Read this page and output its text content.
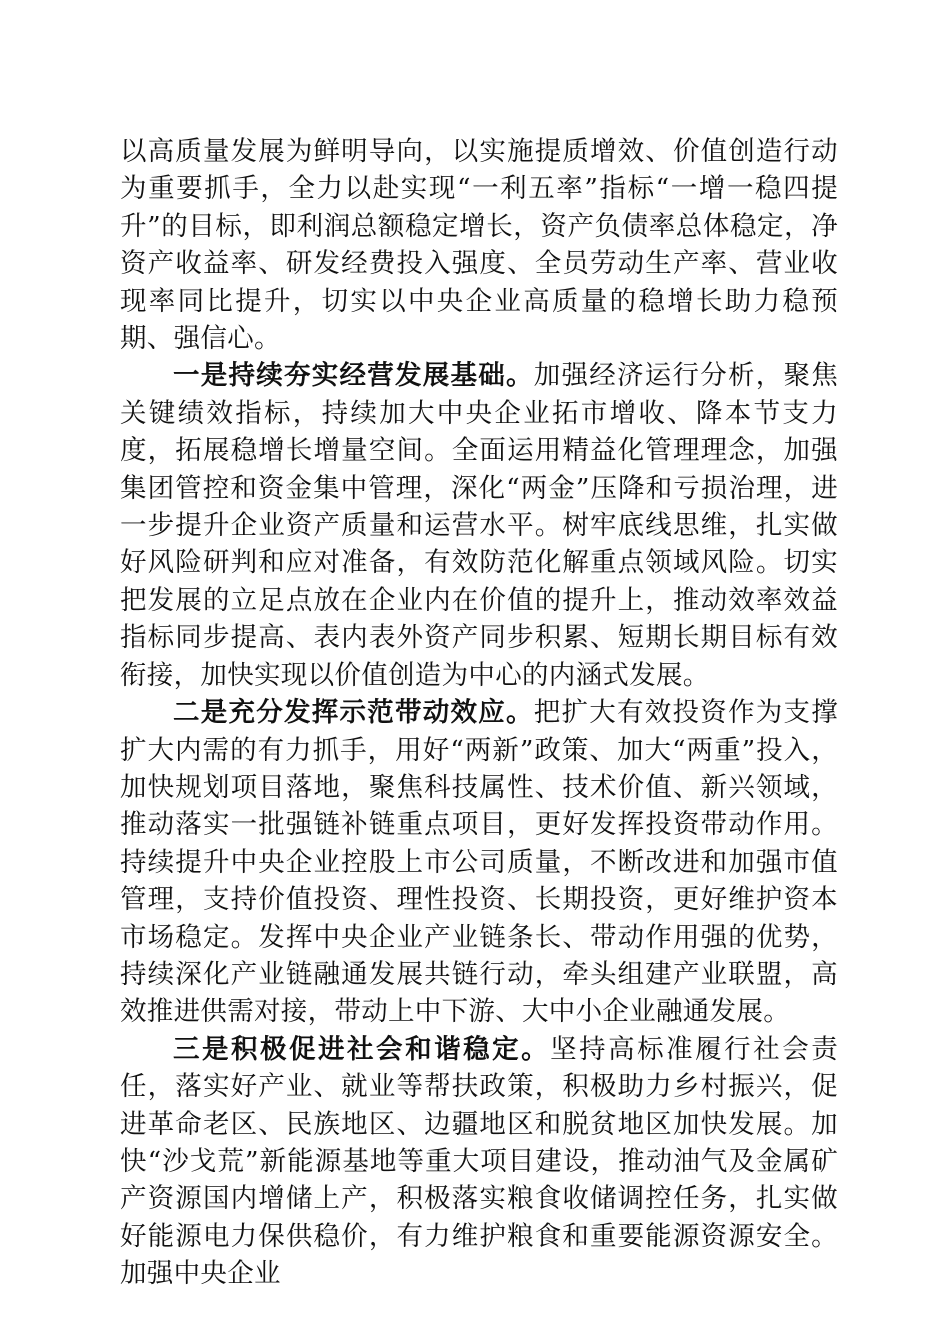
以高质量发展为鲜明导向，以实施提质增效、价值创造行动为重要抓手，全力以赴实现“一利五率”指标“一增一稳四提升”的目标，即利润总额稳定增长，资产负债率总体稳定，净资产收益率、研发经费投入强度、全员劳动生产率、营业收现率同比提升，切实以中央企业高质量的稳增长助力稳预期、强信心。

一是持续夯实经营发展基础。加强经济运行分析，聚焦关键绩效指标，持续加大中央企业拓市增收、降本节支力度，拓展稳增长增量空间。全面运用精益化管理理念，加强集团管控和资金集中管理，深化“两金”压降和亏损治理，进一步提升企业资产质量和运营水平。树牢底线思维，扎实做好风险研判和应对准备，有效防范化解重点领域风险。切实把发展的立足点放在企业内在价值的提升上，推动效率效益指标同步提高、表内表外资产同步积累、短期长期目标有效衔接，加快实现以价值创造为中心的内涵式发展。

二是充分发挥示范带动效应。把扩大有效投资作为支撑扩大内需的有力抓手，用好“两新”政策、加大“两重”投入，加快规划项目落地，聚焦科技属性、技术价值、新兴领域，推动落实一批强链补链重点项目，更好发挥投资带动作用。持续提升中央企业控股上市公司质量，不断改进和加强市值管理，支持价值投资、理性投资、长期投资，更好维护资本市场稳定。发挥中央企业产业链条长、带动作用强的优势，持续深化产业链融通发展共链行动，牵头组建产业联盟，高效推进供需对接，带动上中下游、大中小企业融通发展。

三是积极促进社会和谐稳定。坚持高标准履行社会责任，落实好产业、就业等帮扶政策，积极助力乡村振兴，促进革命老区、民族地区、边疆地区和脱贫地区加快发展。加快“沙戈荒”新能源基地等重大项目建设，推动油气及金属矿产资源国内增储上产，积极落实粮食收储调控任务，扎实做好能源电力保供稳价，有力维护粮食和重要能源资源安全。加强中央企业
